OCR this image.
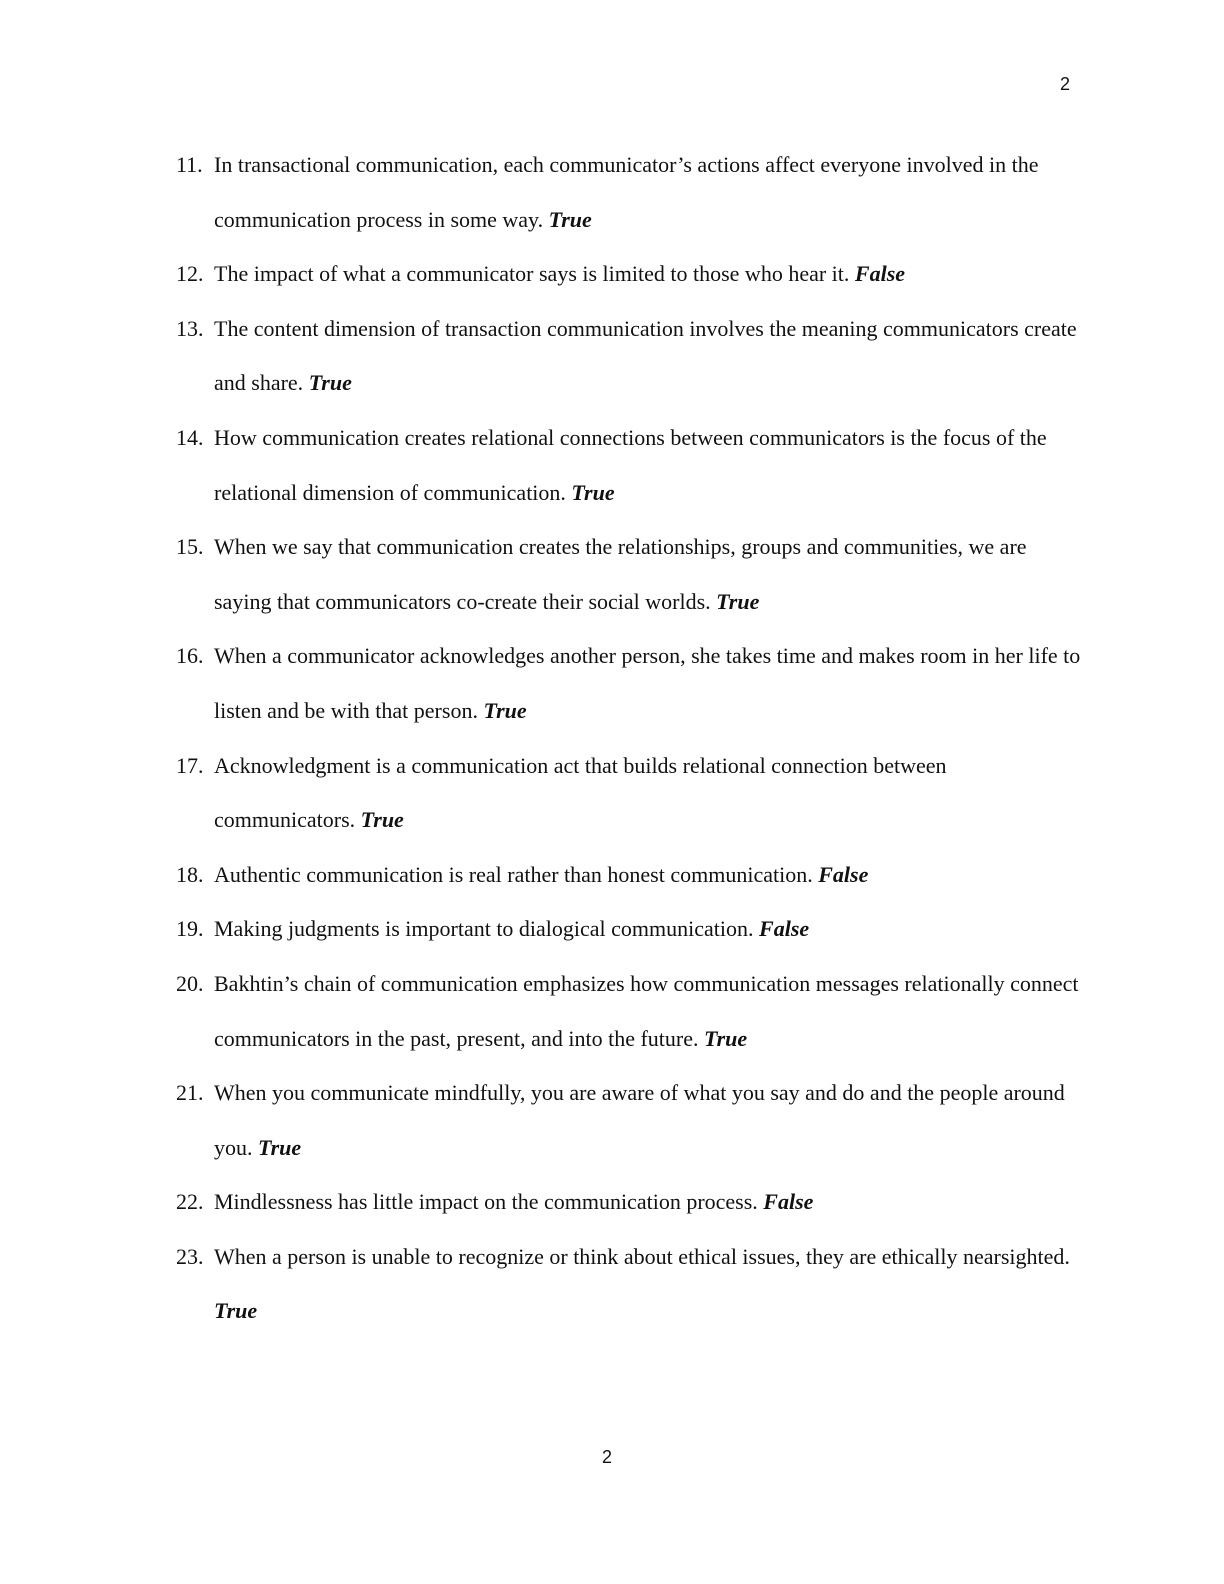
2
11. In transactional communication, each communicator’s actions affect everyone involved in the communication process in some way. True
12. The impact of what a communicator says is limited to those who hear it. False
13. The content dimension of transaction communication involves the meaning communicators create and share. True
14. How communication creates relational connections between communicators is the focus of the relational dimension of communication. True
15. When we say that communication creates the relationships, groups and communities, we are saying that communicators co-create their social worlds. True
16. When a communicator acknowledges another person, she takes time and makes room in her life to listen and be with that person. True
17. Acknowledgment is a communication act that builds relational connection between communicators. True
18. Authentic communication is real rather than honest communication. False
19. Making judgments is important to dialogical communication. False
20. Bakhtin’s chain of communication emphasizes how communication messages relationally connect communicators in the past, present, and into the future. True
21. When you communicate mindfully, you are aware of what you say and do and the people around you. True
22. Mindlessness has little impact on the communication process. False
23. When a person is unable to recognize or think about ethical issues, they are ethically nearsighted. True
2
